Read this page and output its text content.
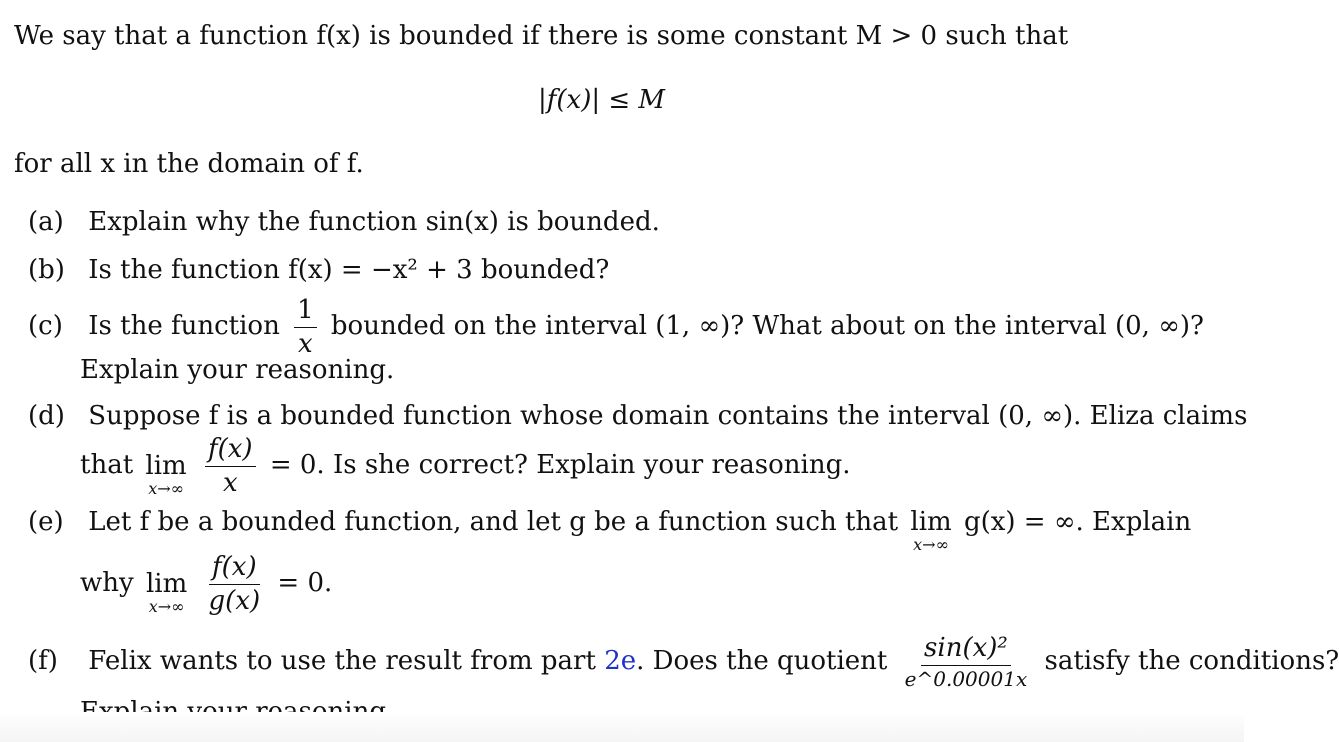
We say that a function f(x) is bounded if there is some constant M > 0 such that
|f(x)| ≤ M
for all x in the domain of f.
(a) Explain why the function sin(x) is bounded.
(b) Is the function f(x) = −x² + 3 bounded?
(c) Is the function $\frac{1}{x}$ bounded on the interval (1, ∞)? What about on the interval (0, ∞)?
Explain your reasoning.
(d) Suppose f is a bounded function whose domain contains the interval (0, ∞). Eliza claims
that lim
x→∞
$\frac{f(x)}{x} = 0$. Is she correct? Explain your reasoning.
(e) Let f be a bounded function, and let g be a function such that lim
x→∞
g(x) = ∞. Explain
why lim
x→∞
$\frac{f(x)}{g(x)} = 0$.
(f) Felix wants to use the result from part 2e. Does the quotient $\frac{\text{sin(x)²}}{e\^{}0.00001x}$ satisfy the conditions?
